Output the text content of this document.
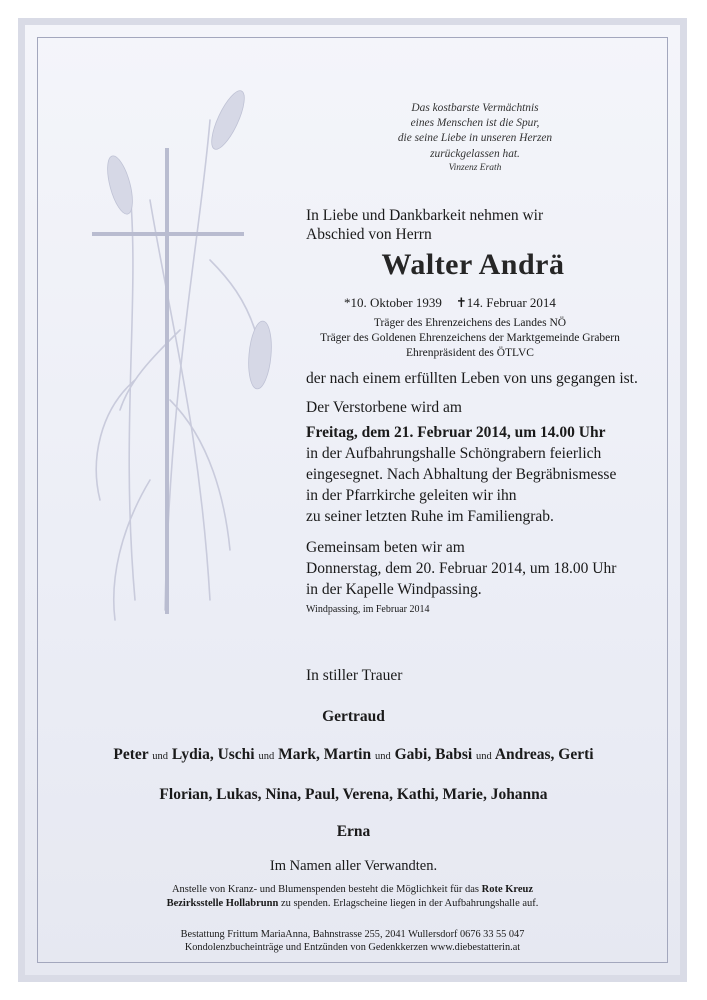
Das kostbarste Vermächtnis
eines Menschen ist die Spur,
die seine Liebe in unseren Herzen
zurückgelassen hat.
Vinzenz Erath
In Liebe und Dankbarkeit nehmen wir
Abschied von Herrn
Walter Andrä
*10. Oktober 1939 ✝14. Februar 2014
Träger des Ehrenzeichens des Landes NÖ
Träger des Goldenen Ehrenzeichens der Marktgemeinde Grabern
Ehrenpräsident des ÖTLVC
der nach einem erfüllten Leben von uns gegangen ist.
Der Verstorbene wird am
Freitag, dem 21. Februar 2014, um 14.00 Uhr
in der Aufbahrungshalle Schöngrabern feierlich
eingesegnet. Nach Abhaltung der Begräbnismesse
in der Pfarrkirche geleiten wir ihn
zu seiner letzten Ruhe im Familiengrab.
Gemeinsam beten wir am
Donnerstag, dem 20. Februar 2014, um 18.00 Uhr
in der Kapelle Windpassing.
Windpassing, im Februar 2014
In stiller Trauer
Gertraud
Peter und Lydia, Uschi und Mark, Martin und Gabi, Babsi und Andreas, Gerti
Florian, Lukas, Nina, Paul, Verena, Kathi, Marie, Johanna
Erna
Im Namen aller Verwandten.
Anstelle von Kranz- und Blumenspenden besteht die Möglichkeit für das Rote Kreuz
Bezirksstelle Hollabrunn zu spenden. Erlagscheine liegen in der Aufbahrungshalle auf.
Bestattung Frittum MariaAnna, Bahnstrasse 255, 2041 Wullersdorf 0676 33 55 047
Kondolenzbucheinträge und Entzünden von Gedenkkerzen www.diebestatterin.at
